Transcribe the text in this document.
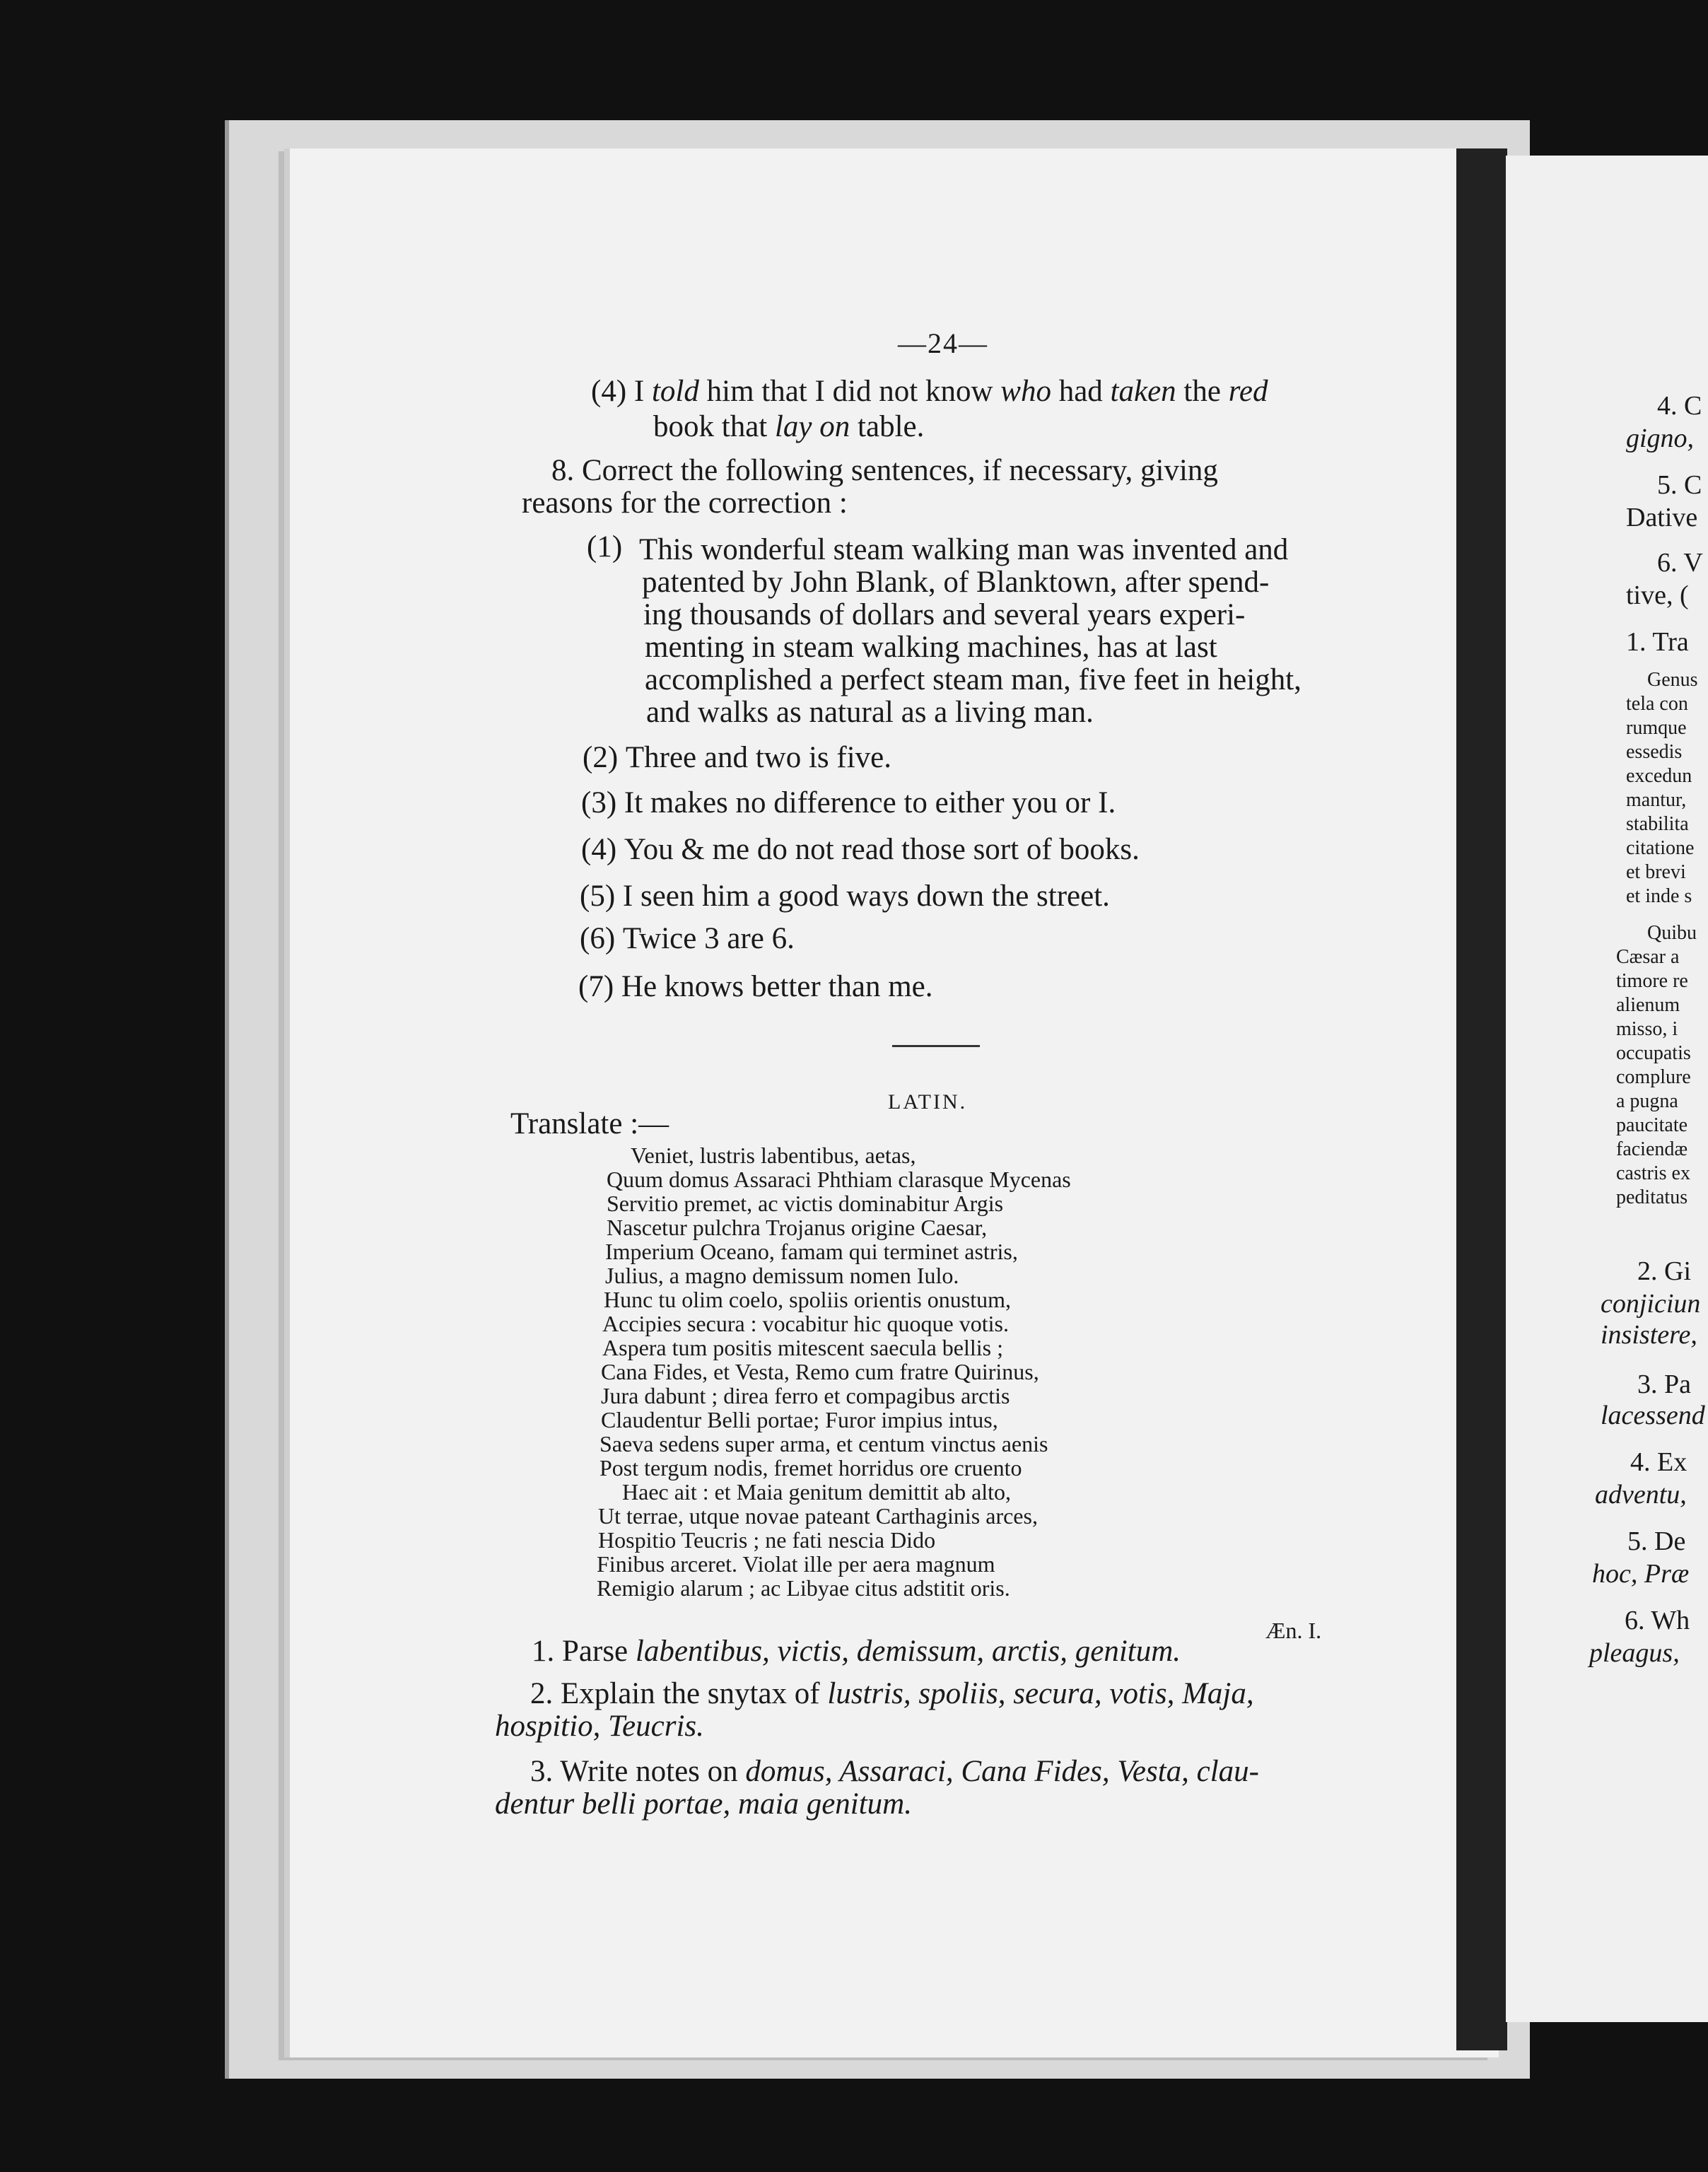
—24—
(4) I told him that I did not know who had taken the red
book that lay on table.
8. Correct the following sentences, if necessary, giving
reasons for the correction :
(1) This wonderful steam walking man was invented and
patented by John Blank, of Blanktown, after spend-
ing thousands of dollars and several years experi-
menting in steam walking machines, has at last
accomplished a perfect steam man, five feet in height,
and walks as natural as a living man.
(2) Three and two is five.
(3) It makes no difference to either you or I.
(4) You & me do not read those sort of books.
(5) I seen him a good ways down the street.
(6) Twice 3 are 6.
(7) He knows better than me.
LATIN.
Translate :—
Veniet, lustris labentibus, aetas,
Quum domus Assaraci Phthiam clarasque Mycenas
Servitio premet, ac victis dominabitur Argis
Nascetur pulchra Trojanus origine Caesar,
Imperium Oceano, famam qui terminet astris,
Julius, a magno demissum nomen Iulo.
Hunc tu olim coelo, spoliis orientis onustum,
Accipies secura : vocabitur hic quoque votis.
Aspera tum positis mitescent saecula bellis ;
Cana Fides, et Vesta, Remo cum fratre Quirinus,
Jura dabunt ; direa ferro et compagibus arctis
Claudentur Belli portae; Furor impius intus,
Saeva sedens super arma, et centum vinctus aenis
Post tergum nodis, fremet horridus ore cruento
Haec ait : et Maia genitum demittit ab alto,
Ut terrae, utque novae pateant Carthaginis arces,
Hospitio Teucris ; ne fati nescia Dido
Finibus arceret. Violat ille per aera magnum
Remigio alarum ; ac Libyae citus adstitit oris.
Æn. I.
1. Parse labentibus, victis, demissum, arctis, genitum.
2. Explain the snytax of lustris, spoliis, secura, votis, Maja,
hospitio, Teucris.
3. Write notes on domus, Assaraci, Cana Fides, Vesta, clau-
dentur belli portae, maia genitum.
4. C
gigno,
5. C
Dative
6. V
tive, (
1. Tra
Genus
tela con
rumque
essedis
excedun
mantur,
stabilita
citatione
et brevi
et inde s
Quibu
Cæsar a
timore re
alienum
misso, i
occupatis
complure
a pugna
paucitate
faciendæ
castris ex
peditatus
2. Gi
conjiciun
insistere,
3. Pa
lacessend
4. Ex
adventu,
5. De
hoc, Præ
6. Wh
pleagus,
